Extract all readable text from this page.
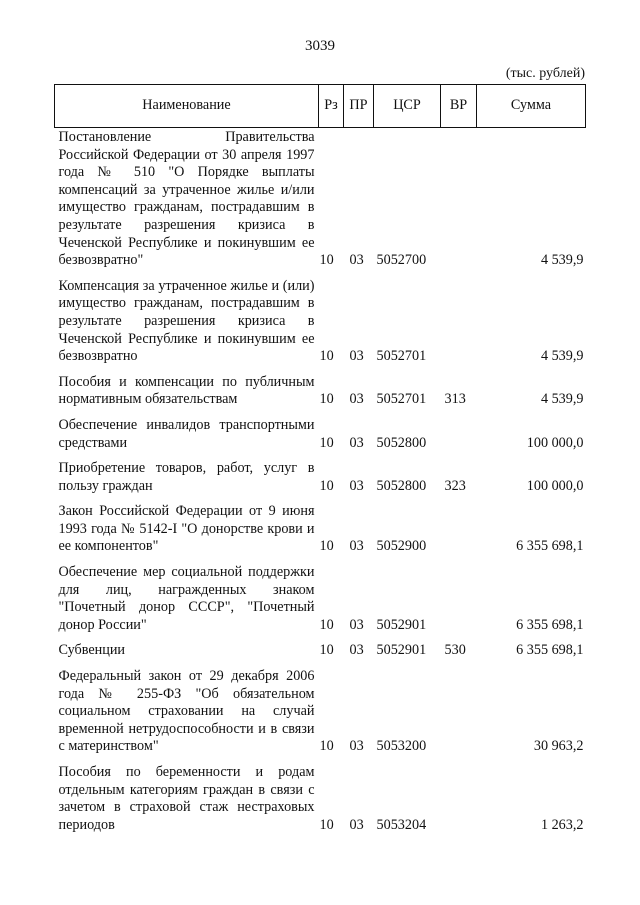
3039
(тыс. рублей)
Наименование	Рз	ПР	ЦСР	ВР	Сумма
Постановление Правительства Российской Федерации от 30 апреля 1997 года № 510 "О Порядке выплаты компенсаций за утраченное жилье и/или имущество гражданам, пострадавшим в результате разрешения кризиса в Чеченской Республике и покинувшим ее безвозвратно"	10	03	5052700		4 539,9
Компенсация за утраченное жилье и (или) имущество гражданам, пострадавшим в результате разрешения кризиса в Чеченской Республике и покинувшим ее безвозвратно	10	03	5052701		4 539,9
Пособия и компенсации по публичным нормативным обязательствам	10	03	5052701	313	4 539,9
Обеспечение инвалидов транспортными средствами	10	03	5052800		100 000,0
Приобретение товаров, работ, услуг в пользу граждан	10	03	5052800	323	100 000,0
Закон Российской Федерации от 9 июня 1993 года № 5142-I "О донорстве крови и ее компонентов"	10	03	5052900		6 355 698,1
Обеспечение мер социальной поддержки для лиц, награжденных знаком "Почетный донор СССР", "Почетный донор России"	10	03	5052901		6 355 698,1
Субвенции	10	03	5052901	530	6 355 698,1
Федеральный закон от 29 декабря 2006 года № 255-ФЗ "Об обязательном социальном страховании на случай временной нетрудоспособности и в связи с материнством"	10	03	5053200		30 963,2
Пособия по беременности и родам отдельным категориям граждан в связи с зачетом в страховой стаж нестраховых периодов	10	03	5053204		1 263,2
